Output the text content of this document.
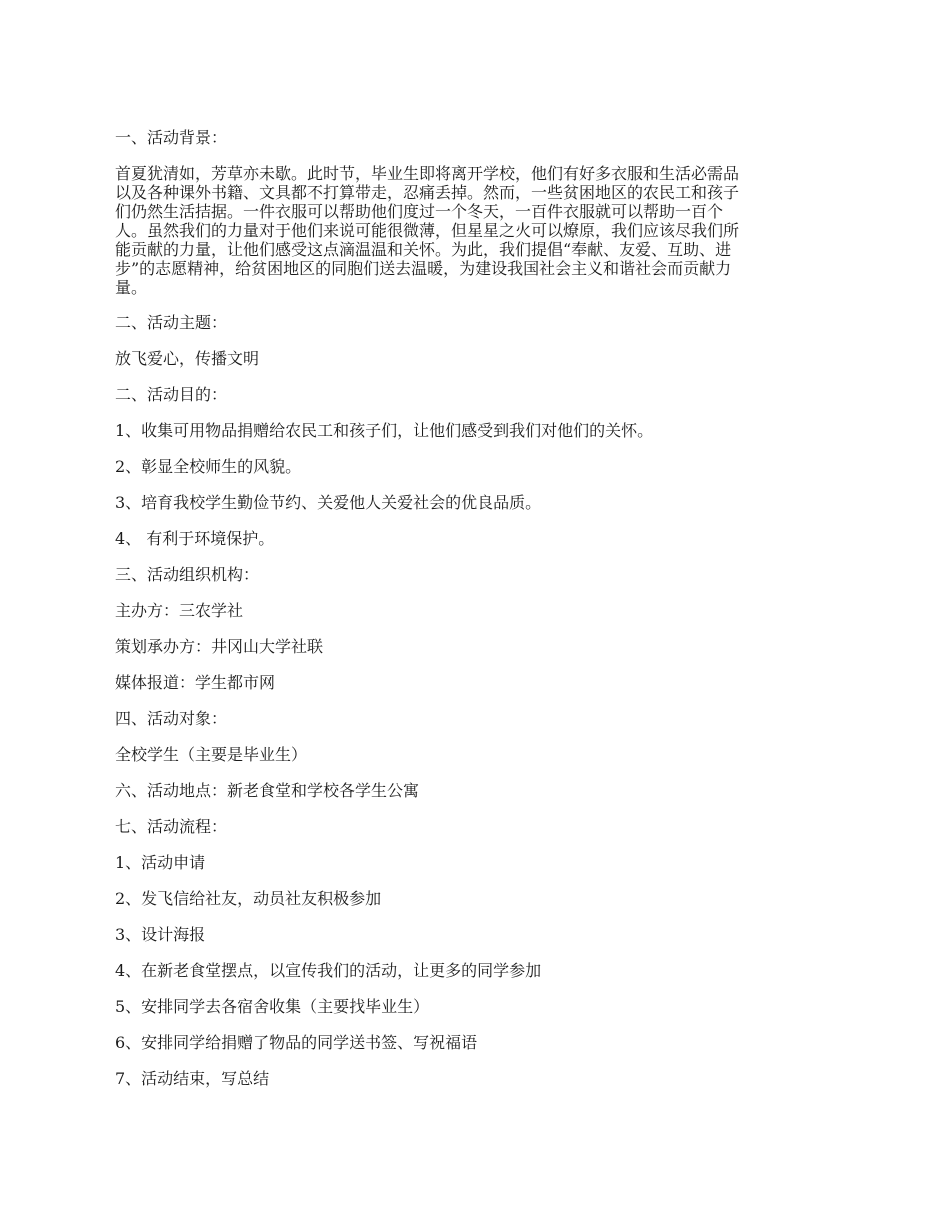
一、活动背景：
首夏犹清如，芳草亦未歇。此时节，毕业生即将离开学校，他们有好多衣服和生活必需品
以及各种课外书籍、文具都不打算带走，忍痛丢掉。然而，一些贫困地区的农民工和孩子
们仍然生活拮据。一件衣服可以帮助他们度过一个冬天，一百件衣服就可以帮助一百个
人。虽然我们的力量对于他们来说可能很微薄，但星星之火可以燎原，我们应该尽我们所
能贡献的力量，让他们感受这点滴温温和关怀。为此，我们提倡“奉献、友爱、互助、进
步”的志愿精神，给贫困地区的同胞们送去温暖，为建设我国社会主义和谐社会而贡献力
量。
二、活动主题：
放飞爱心，传播文明
二、活动目的：
1、收集可用物品捐赠给农民工和孩子们，让他们感受到我们对他们的关怀。
2、彰显全校师生的风貌。
3、培育我校学生勤俭节约、关爱他人关爱社会的优良品质。
4、 有利于环境保护。
三、活动组织机构：
主办方：三农学社
策划承办方：井冈山大学社联
媒体报道：学生都市网
四、活动对象：
全校学生（主要是毕业生）
六、活动地点：新老食堂和学校各学生公寓
七、活动流程：
1、活动申请
2、发飞信给社友，动员社友积极参加
3、设计海报
4、在新老食堂摆点，以宣传我们的活动，让更多的同学参加
5、安排同学去各宿舍收集（主要找毕业生）
6、安排同学给捐赠了物品的同学送书签、写祝福语
7、活动结束，写总结
